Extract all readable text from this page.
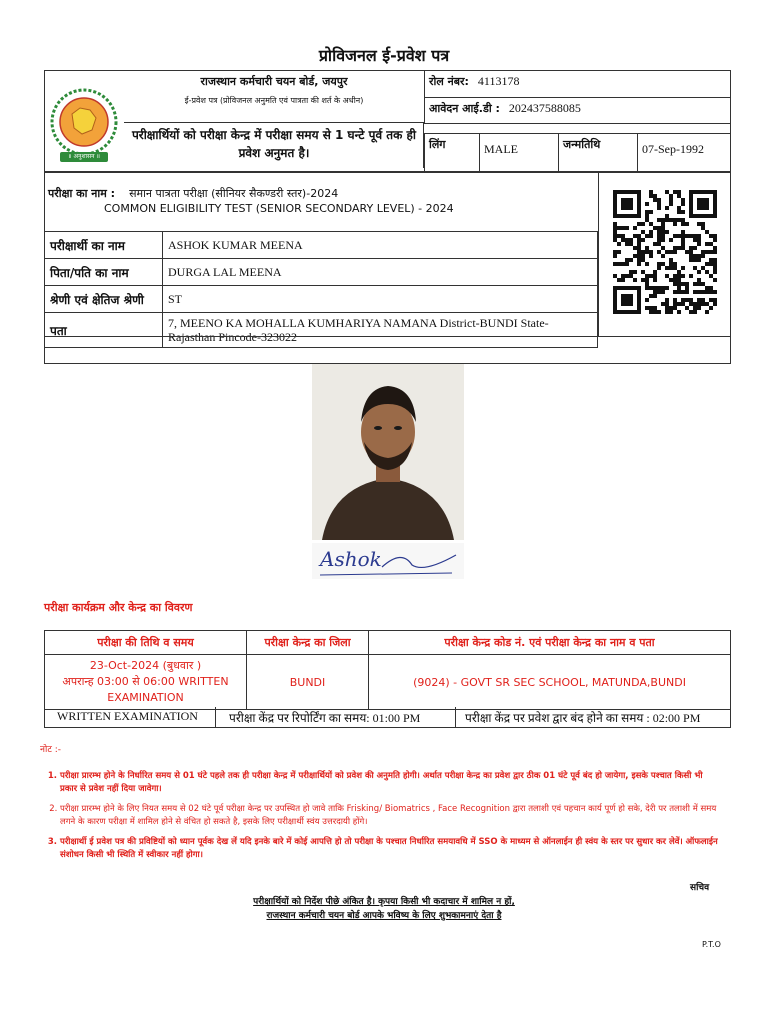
प्रोविजनल ई-प्रवेश पत्र
॥ अनुशासन ॥
राजस्थान कर्मचारी चयन बोर्ड, जयपुर
ई-प्रवेश पत्र (प्रोविजनल अनुमति एवं पात्रता की शर्त के अधीन)
परीक्षार्थियों को परीक्षा केन्द्र में परीक्षा समय से 1 घन्टे पूर्व तक ही प्रवेश अनुमत है।
रोल नंबर: 4113178
आवेदन आई.डी : 202437588085
लिंग	MALE	जन्मतिथि	07-Sep-1992
परीक्षा का नाम : समान पात्रता परीक्षा (सीनियर सैकण्डरी स्तर)-2024
COMMON ELIGIBILITY TEST (SENIOR SECONDARY LEVEL) - 2024
परीक्षार्थी का नाम	ASHOK KUMAR MEENA
पिता/पति का नाम	DURGA LAL MEENA
श्रेणी एवं क्षेतिज श्रेणी	ST
पता	7, MEENO KA MOHALLA KUMHARIYA NAMANA District-BUNDI State-Rajasthan Pincode-323022
Ashok
परीक्षा कार्यक्रम और केन्द्र का विवरण
परीक्षा की तिथि व समय	परीक्षा केन्द्र का जिला	परीक्षा केन्द्र कोड नं. एवं परीक्षा केन्द्र का नाम व पता

23-Oct-2024 (बुधवार )
अपरान्ह 03:00 से 06:00 WRITTEN EXAMINATION	BUNDI	(9024) - GOVT SR SEC SCHOOL, MATUNDA,BUNDI
WRITTEN EXAMINATION	परीक्षा केंद्र पर रिपोर्टिंग का समय: 01:00 PM	परीक्षा केंद्र पर प्रवेश द्वार बंद होने का समय : 02:00 PM
नोट :-
1. परीक्षा प्रारम्भ होने के निर्धारित समय से 01 घंटे पहले तक ही परीक्षा केन्द्र में परीक्षार्थियों को प्रवेश की अनुमति होगी। अर्थात परीक्षा केन्द्र का प्रवेश द्वार ठीक 01 घंटे पूर्व बंद हो जायेगा, इसके पश्चात किसी भी प्रकार से प्रवेश नहीं दिया जावेगा।
2. परीक्षा प्रारम्भ होने के लिए नियत समय से 02 घंटे पूर्व परीक्षा केन्द्र पर उपस्थित हो जावे ताकि Frisking/ Biomatrics , Face Recognition द्वारा तलाशी एवं पहचान कार्य पूर्ण हो सके, देरी पर तलाशी में समय लगने के कारण परीक्षा में शामिल होने से वंचित हो सकते है, इसके लिए परीक्षार्थी स्वंय उत्तरदायी होंगे।
3. परीक्षार्थी ई प्रवेश पत्र की प्रविष्टियों को ध्यान पूर्वक देख लें यदि इनके बारे में कोई आपत्ति हो तो परीक्षा के पश्चात निर्धारित समयावधि में SSO के माध्यम से ऑनलाईन ही स्वंय के स्तर पर सुधार कर लेवें। ऑफलाईन संशोधन किसी भी स्थिति में स्वीकार नहीं होगा।
सचिव
परीक्षार्थियों को निर्देश पीछे अंकित है। कृपया किसी भी कदाचार में शामिल न हों,
राजस्थान कर्मचारी चयन बोर्ड आपके भविष्य के लिए शुभकामनाएं देता है
P.T.O
